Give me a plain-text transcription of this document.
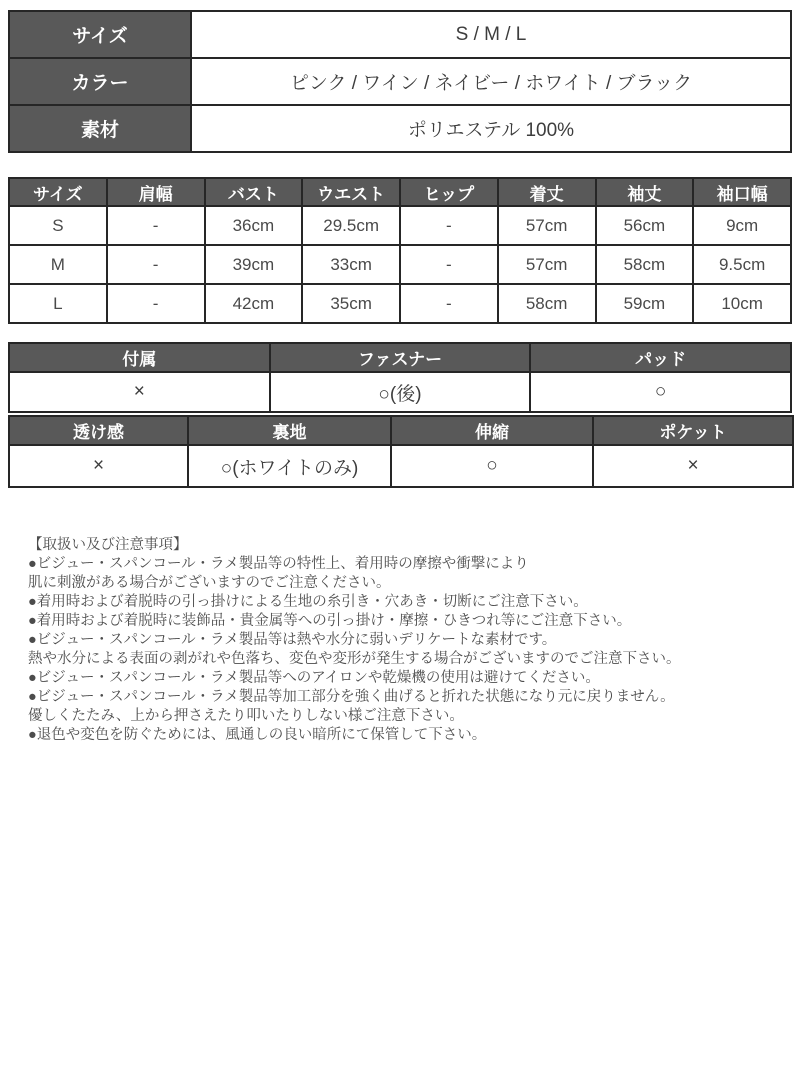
サイズ	S / M / L
カラー	ピンク / ワイン / ネイビー / ホワイト / ブラック
素材	ポリエステル 100%
サイズ	肩幅	バスト	ウエスト	ヒップ	着丈	袖丈	袖口幅
S	-	36cm	29.5cm	-	57cm	56cm	9cm
M	-	39cm	33cm	-	57cm	58cm	9.5cm
L	-	42cm	35cm	-	58cm	59cm	10cm
付属	ファスナー	パッド
×	○(後)	○
透け感	裏地	伸縮	ポケット
×	○(ホワイトのみ)	○	×
【取扱い及び注意事項】
●ビジュー・スパンコール・ラメ製品等の特性上、着用時の摩擦や衝撃により
肌に刺激がある場合がございますのでご注意ください。
●着用時および着脱時の引っ掛けによる生地の糸引き・穴あき・切断にご注意下さい。
●着用時および着脱時に装飾品・貴金属等への引っ掛け・摩擦・ひきつれ等にご注意下さい。
●ビジュー・スパンコール・ラメ製品等は熱や水分に弱いデリケートな素材です。
熱や水分による表面の剥がれや色落ち、変色や変形が発生する場合がございますのでご注意下さい。
●ビジュー・スパンコール・ラメ製品等へのアイロンや乾燥機の使用は避けてください。
●ビジュー・スパンコール・ラメ製品等加工部分を強く曲げると折れた状態になり元に戻りません。
優しくたたみ、上から押さえたり叩いたりしない様ご注意下さい。
●退色や変色を防ぐためには、風通しの良い暗所にて保管して下さい。
